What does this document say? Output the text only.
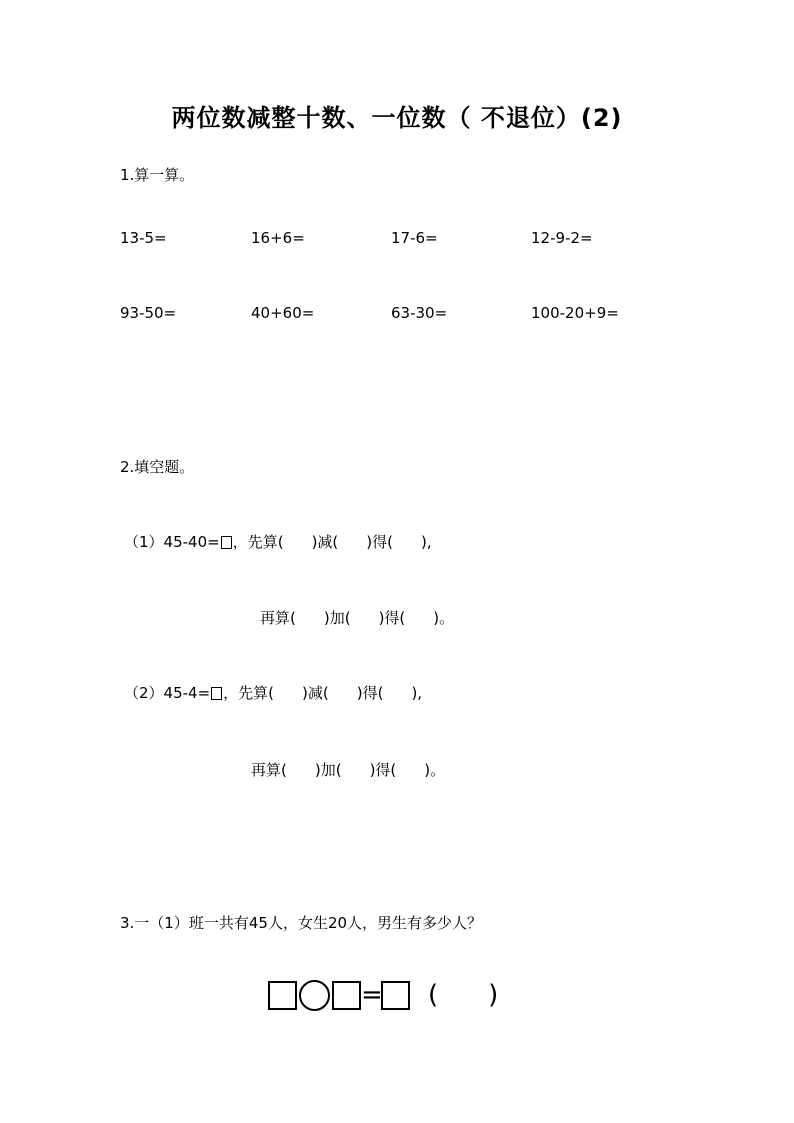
两位数减整十数、一位数（ 不退位）(2)
1.算一算。
13-5=	16+6=	17-6=	12-9-2=
93-50=	40+60=	63-30=	100-20+9=
2.填空题。
（1）45-40= ，先算( )减( )得( ),
再算( )加( )得( )。
（2）45-4= ，先算( )减( )得( ),
再算( )加( )得( )。
3.一（1）班一共有45人，女生20人，男生有多少人？
= ( )
